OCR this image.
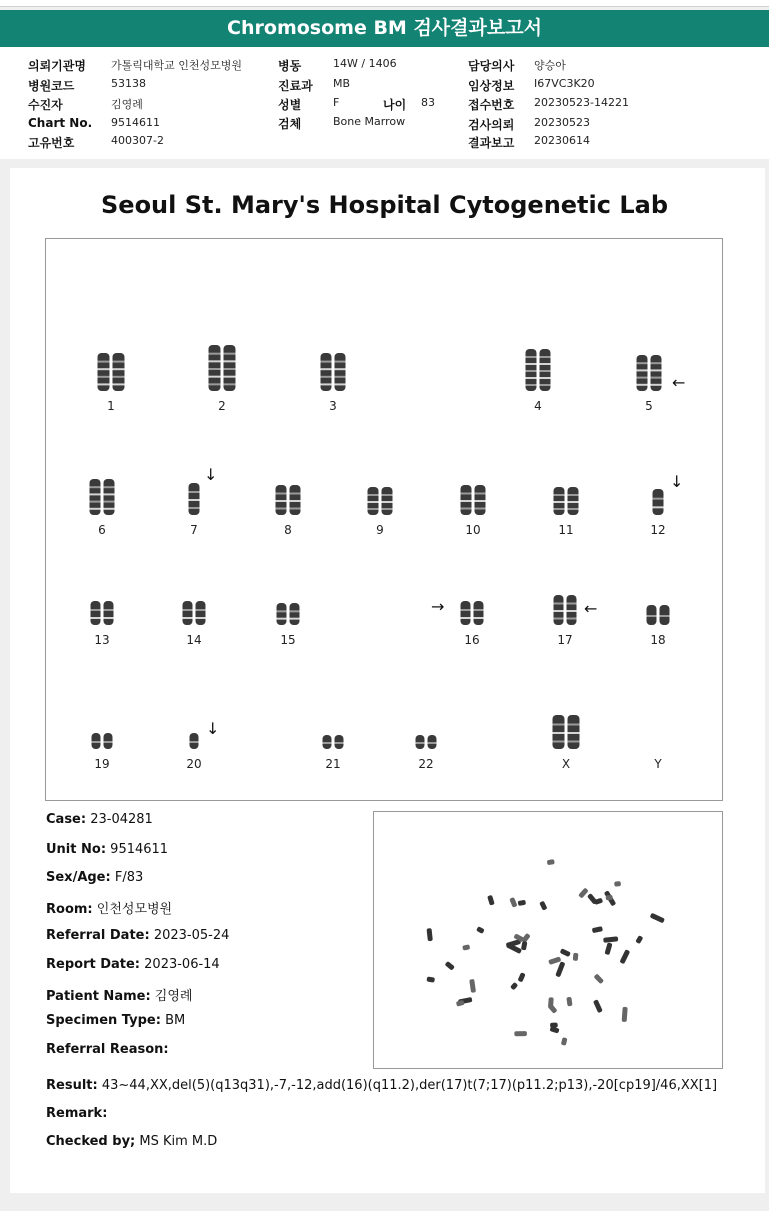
Chromosome BM 검사결과보고서
의뢰기관명 가톨릭대학교 인천성모병원
병원코드	53138
수진자	김영례
Chart No. 9514611
고유번호	400307-2
병동	14W / 1406
진료과 MB
성별	F	나이 83
검체	Bone Marrow
담당의사 양승아
임상정보 I67VC3K20
접수번호 20230523-14221
검사의뢰 20230523
결과보고 20230614
Seoul St. Mary's Hospital Cytogenetic Lab
←
↓	↓
→	←
↓
1	2	3	4	5
6	7	8	9	10	11	12
13	14	15	16	17	18
19	20	21	22	X	Y
Case: 23-04281
Unit No: 9514611
Sex/Age: F/83
Room: 인천성모병원
Referral Date: 2023-05-24
Report Date: 2023-06-14
Patient Name: 김영례
Specimen Type: BM
Referral Reason:
Result: 43~44,XX,del(5)(q13q31),-7,-12,add(16)(q11.2),der(17)t(7;17)(p11.2;p13),-20[cp19]/46,XX[1]
Remark:
Checked by; MS Kim M.D
